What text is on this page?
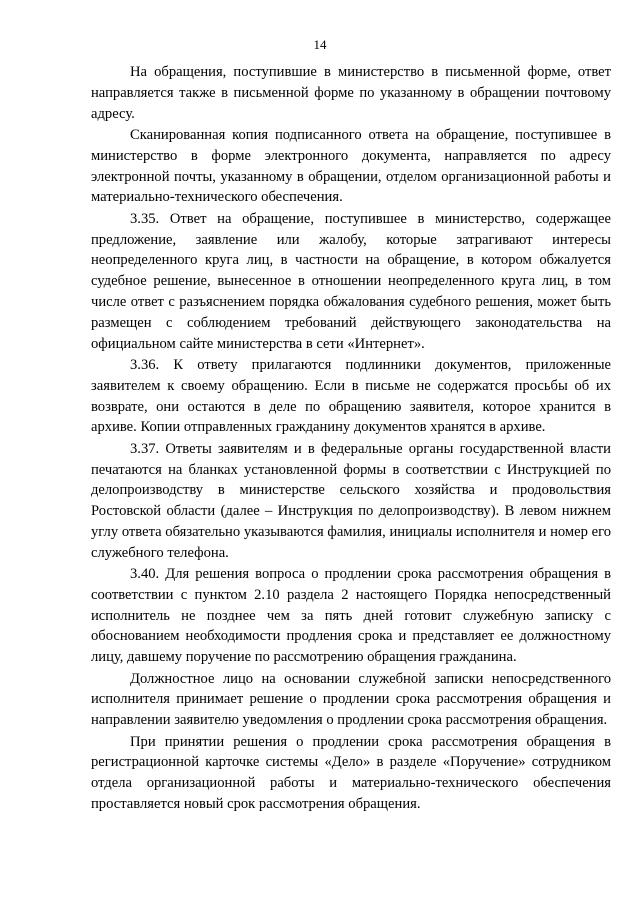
14

На обращения, поступившие в министерство в письменной форме, ответ направляется также в письменной форме по указанному в обращении почтовому адресу.

Сканированная копия подписанного ответа на обращение, поступившее в министерство в форме электронного документа, направляется по адресу электронной почты, указанному в обращении, отделом организационной работы и материально-технического обеспечения.

3.35. Ответ на обращение, поступившее в министерство, содержащее предложение, заявление или жалобу, которые затрагивают интересы неопределенного круга лиц, в частности на обращение, в котором обжалуется судебное решение, вынесенное в отношении неопределенного круга лиц, в том числе ответ с разъяснением порядка обжалования судебного решения, может быть размещен с соблюдением требований действующего законодательства на официальном сайте министерства в сети «Интернет».

3.36. К ответу прилагаются подлинники документов, приложенные заявителем к своему обращению. Если в письме не содержатся просьбы об их возврате, они остаются в деле по обращению заявителя, которое хранится в архиве. Копии отправленных гражданину документов хранятся в архиве.

3.37. Ответы заявителям и в федеральные органы государственной власти печатаются на бланках установленной формы в соответствии с Инструкцией по делопроизводству в министерстве сельского хозяйства и продовольствия Ростовской области (далее – Инструкция по делопроизводству). В левом нижнем углу ответа обязательно указываются фамилия, инициалы исполнителя и номер его служебного телефона.

3.40. Для решения вопроса о продлении срока рассмотрения обращения в соответствии с пунктом 2.10 раздела 2 настоящего Порядка непосредственный исполнитель не позднее чем за пять дней готовит служебную записку с обоснованием необходимости продления срока и представляет ее должностному лицу, давшему поручение по рассмотрению обращения гражданина.

Должностное лицо на основании служебной записки непосредственного исполнителя принимает решение о продлении срока рассмотрения обращения и направлении заявителю уведомления о продлении срока рассмотрения обращения.

При принятии решения о продлении срока рассмотрения обращения в регистрационной карточке системы «Дело» в разделе «Поручение» сотрудником отдела организационной работы и материально-технического обеспечения проставляется новый срок рассмотрения обращения.
